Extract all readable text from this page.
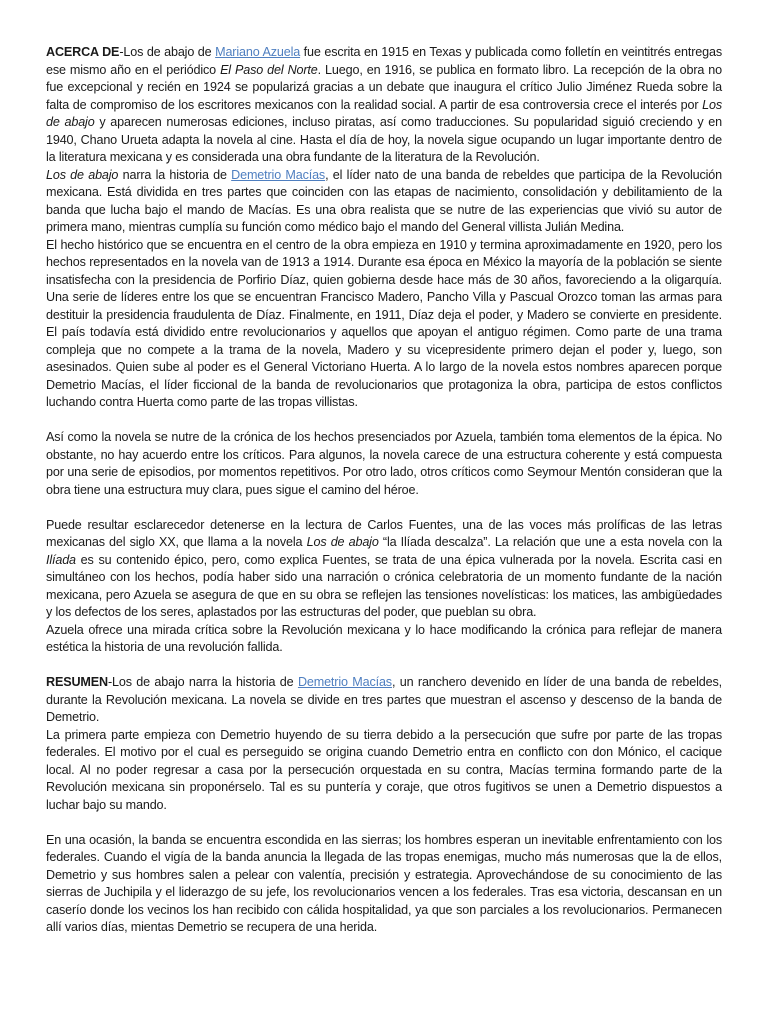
ACERCA DE-Los de abajo de Mariano Azuela fue escrita en 1915 en Texas y publicada como folletín en veintitrés entregas ese mismo año en el periódico El Paso del Norte. Luego, en 1916, se publica en formato libro. La recepción de la obra no fue excepcional y recién en 1924 se popularizá gracias a un debate que inaugura el crítico Julio Jiménez Rueda sobre la falta de compromiso de los escritores mexicanos con la realidad social. A partir de esa controversia crece el interés por Los de abajo y aparecen numerosas ediciones, incluso piratas, así como traducciones. Su popularidad siguió creciendo y en 1940, Chano Urueta adapta la novela al cine. Hasta el día de hoy, la novela sigue ocupando un lugar importante dentro de la literatura mexicana y es considerada una obra fundante de la literatura de la Revolución.

Los de abajo narra la historia de Demetrio Macías, el líder nato de una banda de rebeldes que participa de la Revolución mexicana. Está dividida en tres partes que coinciden con las etapas de nacimiento, consolidación y debilitamiento de la banda que lucha bajo el mando de Macías. Es una obra realista que se nutre de las experiencias que vivió su autor de primera mano, mientras cumplía su función como médico bajo el mando del General villista Julián Medina.

El hecho histórico que se encuentra en el centro de la obra empieza en 1910 y termina aproximadamente en 1920, pero los hechos representados en la novela van de 1913 a 1914. Durante esa época en México la mayoría de la población se siente insatisfecha con la presidencia de Porfirio Díaz, quien gobierna desde hace más de 30 años, favoreciendo a la oligarquía. Una serie de líderes entre los que se encuentran Francisco Madero, Pancho Villa y Pascual Orozco toman las armas para destituir la presidencia fraudulenta de Díaz. Finalmente, en 1911, Díaz deja el poder, y Madero se convierte en presidente. El país todavía está dividido entre revolucionarios y aquellos que apoyan el antiguo régimen. Como parte de una trama compleja que no compete a la trama de la novela, Madero y su vicepresidente primero dejan el poder y, luego, son asesinados. Quien sube al poder es el General Victoriano Huerta. A lo largo de la novela estos nombres aparecen porque Demetrio Macías, el líder ficcional de la banda de revolucionarios que protagoniza la obra, participa de estos conflictos luchando contra Huerta como parte de las tropas villistas.

Así como la novela se nutre de la crónica de los hechos presenciados por Azuela, también toma elementos de la épica. No obstante, no hay acuerdo entre los críticos. Para algunos, la novela carece de una estructura coherente y está compuesta por una serie de episodios, por momentos repetitivos. Por otro lado, otros críticos como Seymour Mentón consideran que la obra tiene una estructura muy clara, pues sigue el camino del héroe.

Puede resultar esclarecedor detenerse en la lectura de Carlos Fuentes, una de las voces más prolíficas de las letras mexicanas del siglo XX, que llama a la novela Los de abajo “la Ilíada descalza”. La relación que une a esta novela con la Ilíada es su contenido épico, pero, como explica Fuentes, se trata de una épica vulnerada por la novela. Escrita casi en simultáneo con los hechos, podía haber sido una narración o crónica celebratoria de un momento fundante de la nación mexicana, pero Azuela se asegura de que en su obra se reflejen las tensiones novelísticas: los matices, las ambigüedades y los defectos de los seres, aplastados por las estructuras del poder, que pueblan su obra.

Azuela ofrece una mirada crítica sobre la Revolución mexicana y lo hace modificando la crónica para reflejar de manera estética la historia de una revolución fallida.

RESUMEN-Los de abajo narra la historia de Demetrio Macías, un ranchero devenido en líder de una banda de rebeldes, durante la Revolución mexicana. La novela se divide en tres partes que muestran el ascenso y descenso de la banda de Demetrio.

La primera parte empieza con Demetrio huyendo de su tierra debido a la persecución que sufre por parte de las tropas federales. El motivo por el cual es perseguido se origina cuando Demetrio entra en conflicto con don Mónico, el cacique local. Al no poder regresar a casa por la persecución orquestada en su contra, Macías termina formando parte de la Revolución mexicana sin proponérselo. Tal es su puntería y coraje, que otros fugitivos se unen a Demetrio dispuestos a luchar bajo su mando.

En una ocasión, la banda se encuentra escondida en las sierras; los hombres esperan un inevitable enfrentamiento con los federales. Cuando el vigía de la banda anuncia la llegada de las tropas enemigas, mucho más numerosas que la de ellos, Demetrio y sus hombres salen a pelear con valentía, precisión y estrategia. Aprovechándose de su conocimiento de las sierras de Juchipila y el liderazgo de su jefe, los revolucionarios vencen a los federales. Tras esa victoria, descansan en un caserío donde los vecinos los han recibido con cálida hospitalidad, ya que son parciales a los revolucionarios. Permanecen allí varios días, mientas Demetrio se recupera de una herida.
